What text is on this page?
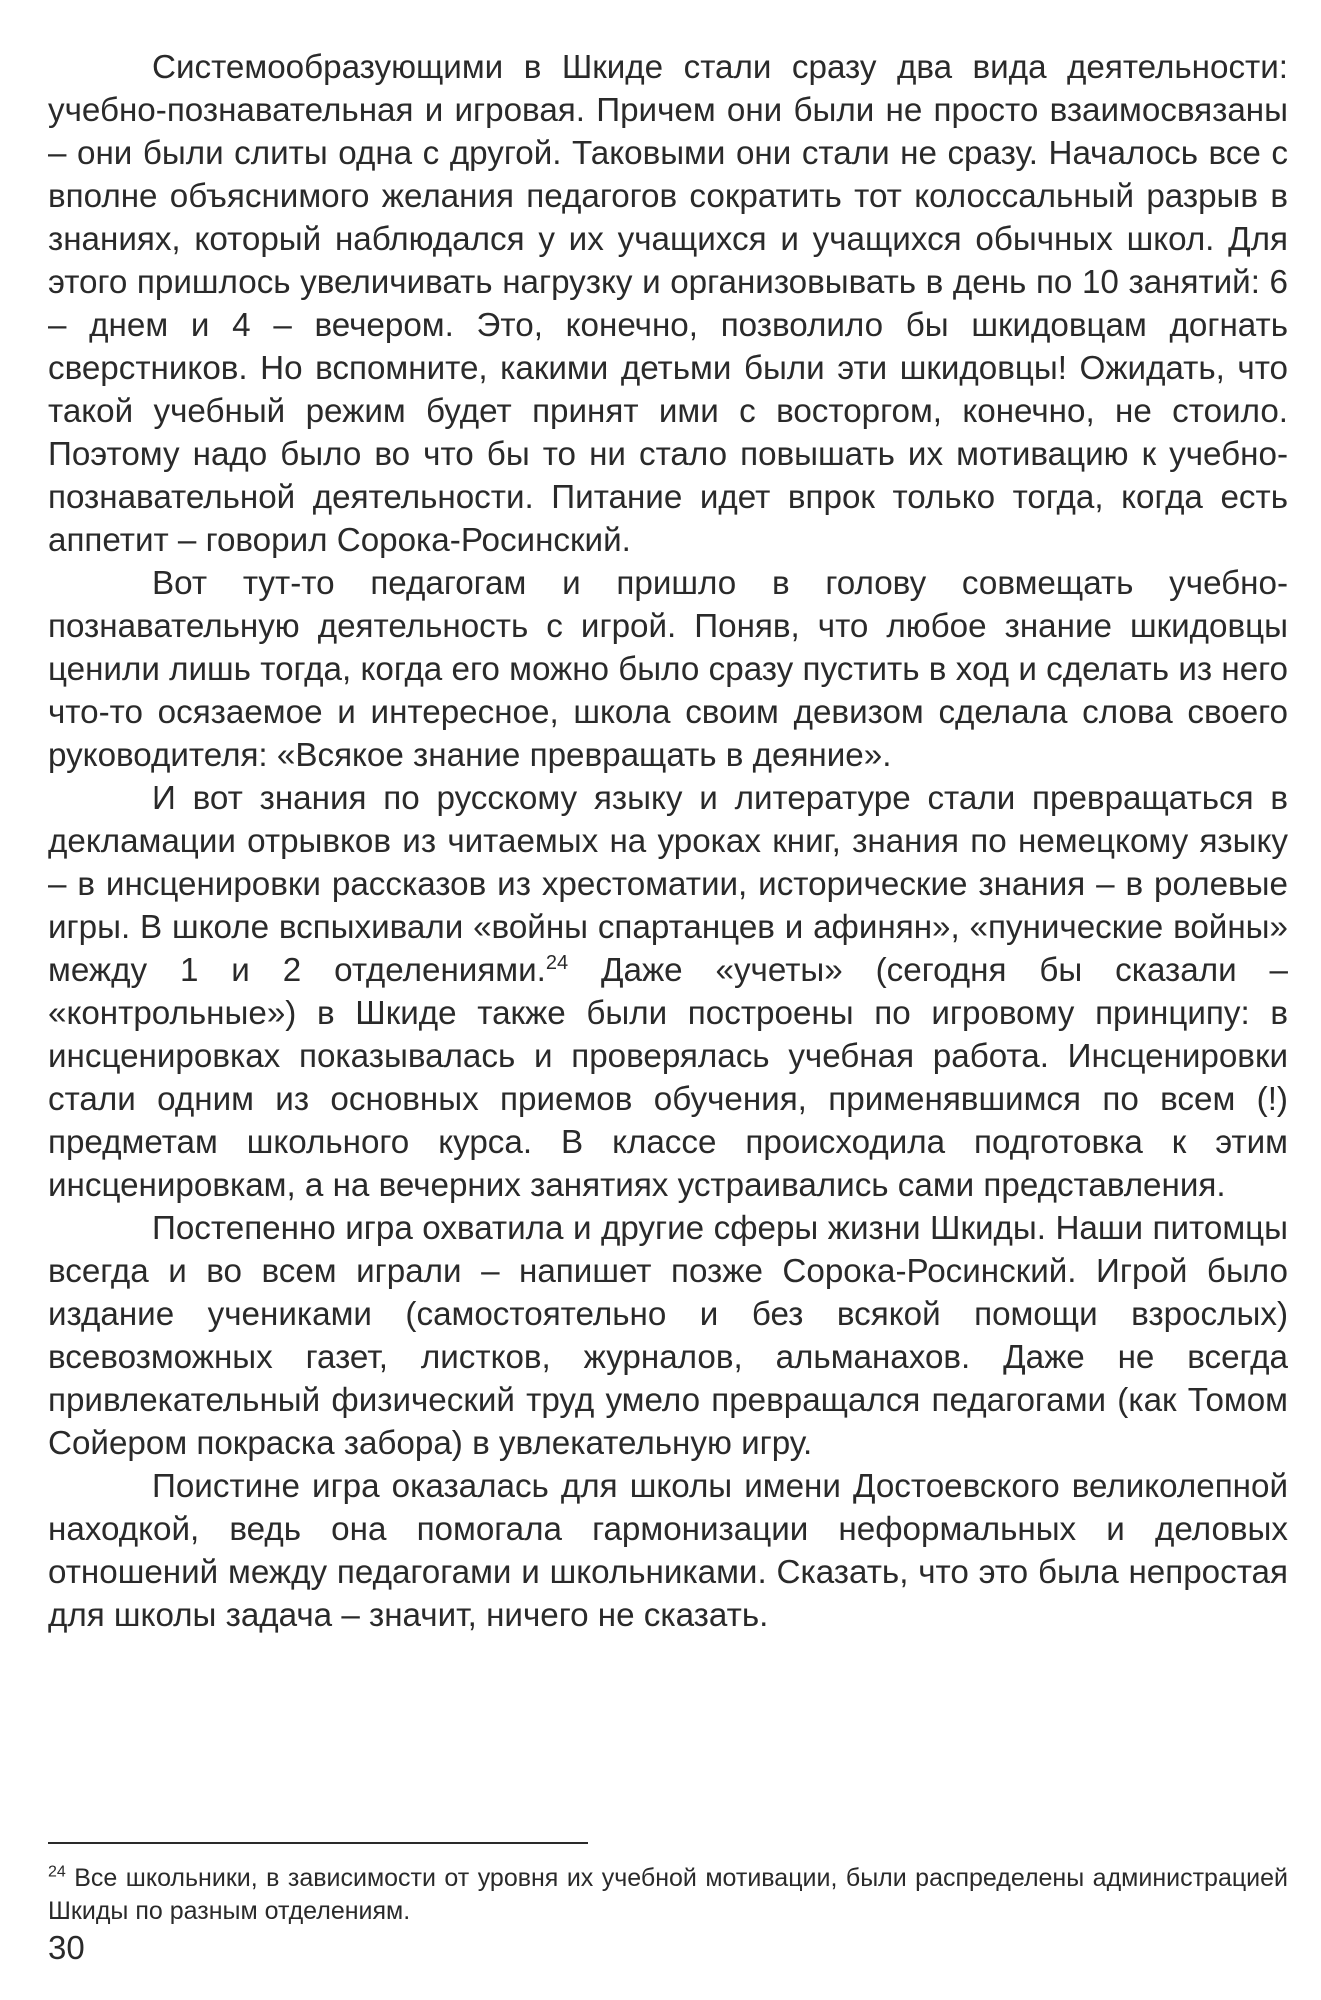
Системообразующими в Шкиде стали сразу два вида деятельности: учебно-познавательная и игровая. Причем они были не просто взаимосвязаны – они были слиты одна с другой. Таковыми они стали не сразу. Началось все с вполне объяснимого желания педагогов сократить тот колоссальный разрыв в знаниях, который наблюдался у их учащихся и учащихся обычных школ. Для этого пришлось увеличивать нагрузку и организовывать в день по 10 занятий: 6 – днем и 4 – вечером. Это, конечно, позволило бы шкидовцам догнать сверстников. Но вспомните, какими детьми были эти шкидовцы! Ожидать, что такой учебный режим будет принят ими с восторгом, конечно, не стоило. Поэтому надо было во что бы то ни стало повышать их мотивацию к учебно-познавательной деятельности. Питание идет впрок только тогда, когда есть аппетит – говорил Сорока-Росинский.

Вот тут-то педагогам и пришло в голову совмещать учебно-познавательную деятельность с игрой. Поняв, что любое знание шкидовцы ценили лишь тогда, когда его можно было сразу пустить в ход и сделать из него что-то осязаемое и интересное, школа своим девизом сделала слова своего руководителя: «Всякое знание превращать в деяние».

И вот знания по русскому языку и литературе стали превращаться в декламации отрывков из читаемых на уроках книг, знания по немецкому языку – в инсценировки рассказов из хрестоматии, исторические знания – в ролевые игры. В школе вспыхивали «войны спартанцев и афинян», «пунические войны» между 1 и 2 отделениями.$^{24}$ Даже «учеты» (сегодня бы сказали – «контрольные») в Шкиде также были построены по игровому принципу: в инсценировках показывалась и проверялась учебная работа. Инсценировки стали одним из основных приемов обучения, применявшимся по всем (!) предметам школьного курса. В классе происходила подготовка к этим инсценировкам, а на вечерних занятиях устраивались сами представления.

Постепенно игра охватила и другие сферы жизни Шкиды. Наши питомцы всегда и во всем играли – напишет позже Сорока-Росинский. Игрой было издание учениками (самостоятельно и без всякой помощи взрослых) всевозможных газет, листков, журналов, альманахов. Даже не всегда привлекательный физический труд умело превращался педагогами (как Томом Сойером покраска забора) в увлекательную игру.

Поистине игра оказалась для школы имени Достоевского великолепной находкой, ведь она помогала гармонизации неформальных и деловых отношений между педагогами и школьниками. Сказать, что это была непростая для школы задача – значит, ничего не сказать.

$^{24}$ Все школьники, в зависимости от уровня их учебной мотивации, были распределены администрацией Шкиды по разным отделениям.
30
